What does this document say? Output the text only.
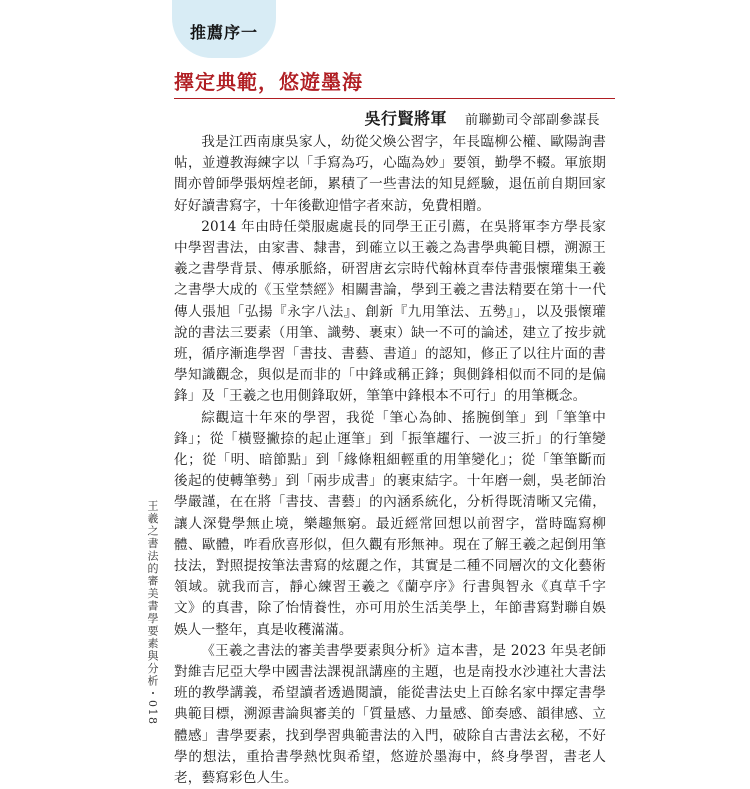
推薦序一
擇定典範，悠遊墨海
吳行賢將軍 前聯勤司令部副參謀長

我是江西南康吳家人，幼從父煥公習字，年長臨柳公權、歐陽詢書帖，並遵教海練字以「手寫為巧，心臨為妙」要領，勤學不輟。軍旅期間亦曾師學張炳煌老師，累積了一些書法的知見經驗，退伍前自期回家好好讀書寫字，十年後歡迎惜字者來訪，免費相贈。

2014 年由時任榮服處處長的同學王正引薦，在吳將軍李方學長家中學習書法，由家書、隸書，到確立以王羲之為書學典範目標，溯源王羲之書學背景、傳承脈絡，研習唐玄宗時代翰林貢奉侍書張懷瓘集王羲之書學大成的《玉堂禁經》相關書論，學到王羲之書法精要在第十一代傳人張旭「弘揚『永字八法』、創新『九用筆法、五勢』」，以及張懷瓘說的書法三要素（用筆、識勢、裹束）缺一不可的論述，建立了按步就班，循序漸進學習「書技、書藝、書道」的認知，修正了以往片面的書學知識觀念，與似是而非的「中鋒或稱正鋒；與側鋒相似而不同的是偏鋒」及「王羲之也用側鋒取妍，筆筆中鋒根本不可行」的用筆概念。

綜觀這十年來的學習，我從「筆心為帥、搖腕倒筆」到「筆筆中鋒」；從「橫豎撇捺的起止運筆」到「振筆趯行、一波三折」的行筆變化；從「明、暗節點」到「緣條粗細輕重的用筆變化」；從「筆筆斷而後起的使轉筆勢」到「兩步成書」的裹束結字。十年磨一劍，吳老師治學嚴謹，在在將「書技、書藝」的內涵系統化，分析得既清晰又完備，讓人深覺學無止境，樂趣無窮。最近經常回想以前習字，當時臨寫柳體、歐體，咋看欣喜形似，但久觀有形無神。現在了解王羲之起倒用筆技法，對照提按筆法書寫的炫麗之作，其實是二種不同層次的文化藝術領域。就我而言，靜心練習王羲之《蘭亭序》行書與智永《真草千字文》的真書，除了怡情養性，亦可用於生活美學上，年節書寫對聯自娛娛人一整年，真是收穫滿滿。

《王羲之書法的審美書學要素與分析》這本書，是 2023 年吳老師對維吉尼亞大學中國書法課視訊講座的主題，也是南投水沙連社大書法班的教學講義，希望讀者透過閱讀，能從書法史上百餘名家中擇定書學典範目標，溯源書論與審美的「質量感、力量感、節奏感、韻律感、立體感」書學要素，找到學習典範書法的入門，破除自古書法玄秘，不好學的想法，重拾書學熱忱與希望，悠遊於墨海中，終身學習，書老人老，藝寫彩色人生。

王羲之書法的審美書學要素與分析・018
